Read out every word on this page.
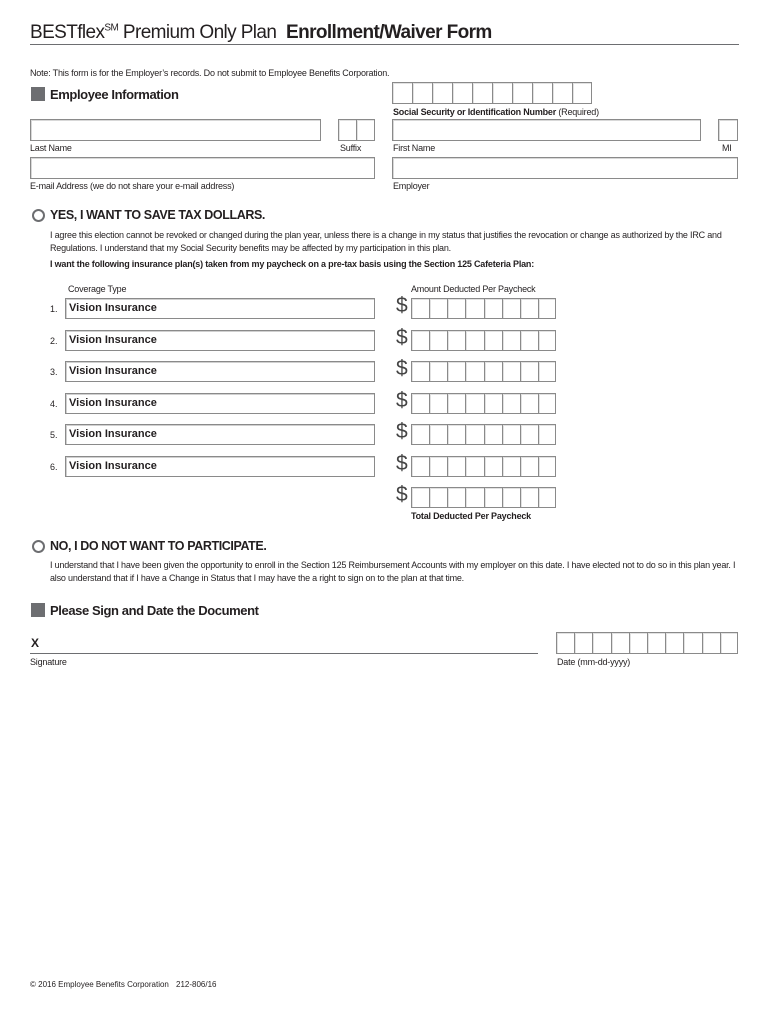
BESTflex℠ Premium Only Plan Enrollment/Waiver Form
Note: This form is for the Employer’s records. Do not submit to Employee Benefits Corporation.
Employee Information
Social Security or Identification Number (Required)
Last Name	Suffix	First Name	MI
E-mail Address (we do not share your e-mail address)	Employer
YES, I WANT TO SAVE TAX DOLLARS.
I agree this election cannot be revoked or changed during the plan year, unless there is a change in my status that justifies the revocation or change as authorized by the IRC and Regulations. I understand that my Social Security benefits may be affected by my participation in this plan.
I want the following insurance plan(s) taken from my paycheck on a pre-tax basis using the Section 125 Cafeteria Plan:
Coverage Type	Amount Deducted Per Paycheck
1. Vision Insurance	$
2. Vision Insurance	$
3. Vision Insurance	$
4. Vision Insurance	$
5. Vision Insurance	$
6. Vision Insurance	$
$
Total Deducted Per Paycheck
NO, I DO NOT WANT TO PARTICIPATE.
I understand that I have been given the opportunity to enroll in the Section 125 Reimbursement Accounts with my employer on this date. I have elected not to do so in this plan year. I also understand that if I have a Change in Status that I may have the a right to sign on to the plan at that time.
Please Sign and Date the Document
X
Signature	Date (mm-dd-yyyy)
© 2016 Employee Benefits Corporation 212-806/16
